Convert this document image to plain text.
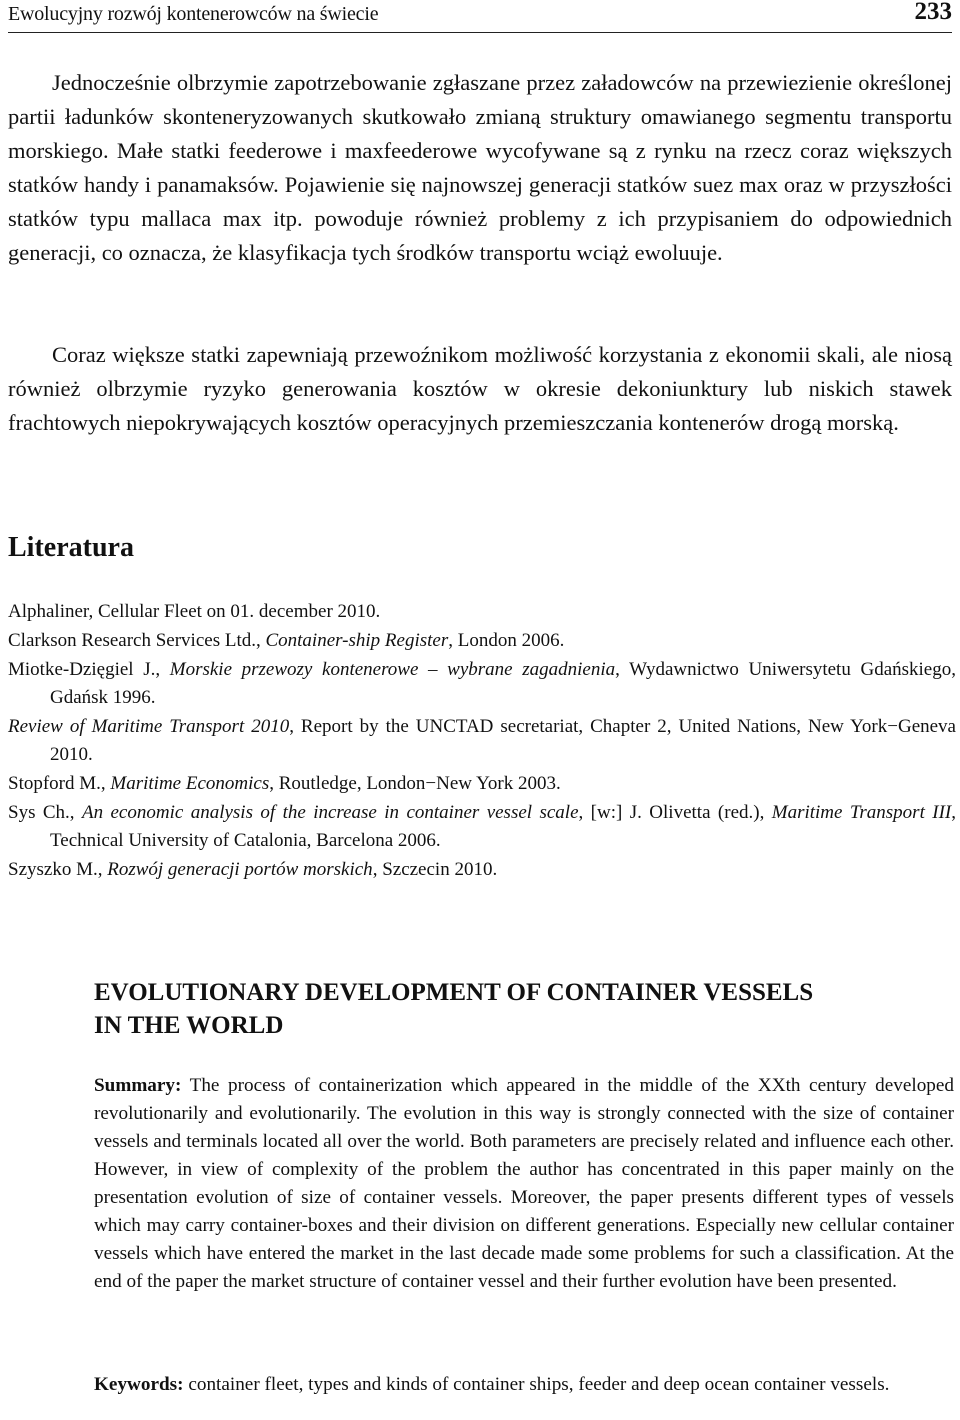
Ewolucyjny rozwój kontenerowców na świecie	233

Jednocześnie olbrzymie zapotrzebowanie zgłaszane przez załadowców na przewiezienie określonej partii ładunków skonteneryzowanych skutkowało zmianą struktury omawianego segmentu transportu morskiego. Małe statki feederowe i maxfeederowe wycofywane są z rynku na rzecz coraz większych statków handy i panamaksów. Pojawienie się najnowszej generacji statków suez max oraz w przyszłości statków typu mallaca max itp. powoduje również problemy z ich przypisaniem do odpowiednich generacji, co oznacza, że klasyfikacja tych środków transportu wciąż ewoluuje.

Coraz większe statki zapewniają przewoźnikom możliwość korzystania z ekonomii skali, ale niosą również olbrzymie ryzyko generowania kosztów w okresie dekoniunktury lub niskich stawek frachtowych niepokrywających kosztów operacyjnych przemieszczania kontenerów drogą morską.

Literatura

Alphaliner, Cellular Fleet on 01. december 2010.

Clarkson Research Services Ltd., Container-ship Register, London 2006.

Miotke-Dzięgiel J., Morskie przewozy kontenerowe – wybrane zagadnienia, Wydawnictwo Uniwersytetu Gdańskiego, Gdańsk 1996.

Review of Maritime Transport 2010, Report by the UNCTAD secretariat, Chapter 2, United Nations, New York−Geneva 2010.

Stopford M., Maritime Economics, Routledge, London−New York 2003.

Sys Ch., An economic analysis of the increase in container vessel scale, [w:] J. Olivetta (red.), Maritime Transport III, Technical University of Catalonia, Barcelona 2006.

Szyszko M., Rozwój generacji portów morskich, Szczecin 2010.

EVOLUTIONARY DEVELOPMENT OF CONTAINER VESSELS
IN THE WORLD

Summary: The process of containerization which appeared in the middle of the XXth century developed revolutionarily and evolutionarily. The evolution in this way is strongly connected with the size of container vessels and terminals located all over the world. Both parameters are precisely related and influence each other. However, in view of complexity of the problem the author has concentrated in this paper mainly on the presentation evolution of size of container vessels. Moreover, the paper presents different types of vessels which may carry container-boxes and their division on different generations. Especially new cellular container vessels which have entered the market in the last decade made some problems for such a classification. At the end of the paper the market structure of container vessel and their further evolution have been presented.

Keywords: container fleet, types and kinds of container ships, feeder and deep ocean container vessels.
